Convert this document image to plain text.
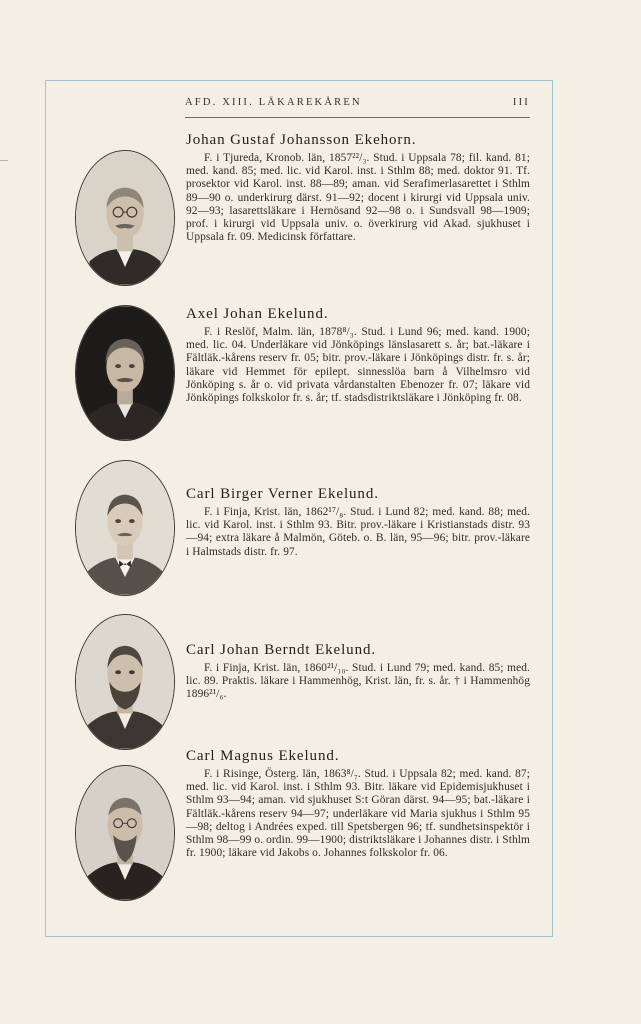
AFD. XIII. LÄKAREKÅREN	III
Johan Gustaf Johansson Ekehorn.

F. i Tjureda, Kronob. län, 1857²²/₃. Stud. i Uppsala 78; fil. kand. 81; med. kand. 85; med. lic. vid Karol. inst. i Sthlm 88; med. doktor 91. Tf. prosektor vid Karol. inst. 88—89; aman. vid Serafimerlasarettet i Sthlm 89—90 o. underkirurg därst. 91—92; docent i kirurgi vid Uppsala univ. 92—93; lasarettsläkare i Hernösand 92—98 o. i Sundsvall 98—1909; prof. i kirurgi vid Uppsala univ. o. överkirurg vid Akad. sjukhuset i Uppsala fr. 09. Medicinsk författare.

Axel Johan Ekelund.

F. i Reslöf, Malm. län, 1878⁸/₃. Stud. i Lund 96; med. kand. 1900; med. lic. 04. Underläkare vid Jönköpings länslasarett s. år; bat.-läkare i Fältläk.-kårens reserv fr. 05; bitr. prov.-läkare i Jönköpings distr. fr. s. år; läkare vid Hemmet för epilept. sinnesslöa barn å Vilhelmsro vid Jönköping s. år o. vid privata vårdanstalten Ebenozer fr. 07; läkare vid Jönköpings folkskolor fr. s. år; tf. stadsdistriktsläkare i Jönköping fr. 08.

Carl Birger Verner Ekelund.

F. i Finja, Krist. län, 1862¹⁷/₈. Stud. i Lund 82; med. kand. 88; med. lic. vid Karol. inst. i Sthlm 93. Bitr. prov.-läkare i Kristianstads distr. 93—94; extra läkare å Malmön, Göteb. o. B. län, 95—96; bitr. prov.-läkare i Halmstads distr. fr. 97.

Carl Johan Berndt Ekelund.

F. i Finja, Krist. län, 1860²¹/₁₀. Stud. i Lund 79; med. kand. 85; med. lic. 89. Praktis. läkare i Hammenhög, Krist. län, fr. s. år. † i Hammenhög 1896²¹/₆.

Carl Magnus Ekelund.

F. i Risinge, Österg. län, 1863⁸/₇. Stud. i Uppsala 82; med. kand. 87; med. lic. vid Karol. inst. i Sthlm 93. Bitr. läkare vid Epidemisjukhuset i Sthlm 93—94; aman. vid sjukhuset S:t Göran därst. 94—95; bat.-läkare i Fältläk.-kårens reserv 94—97; underläkare vid Maria sjukhus i Sthlm 95—98; deltog i Andrées exped. till Spetsbergen 96; tf. sundhetsinspektör i Sthlm 98—99 o. ordin. 99—1900; distriktsläkare i Johannes distr. i Sthlm fr. 1900; läkare vid Jakobs o. Johannes folkskolor fr. 06.
